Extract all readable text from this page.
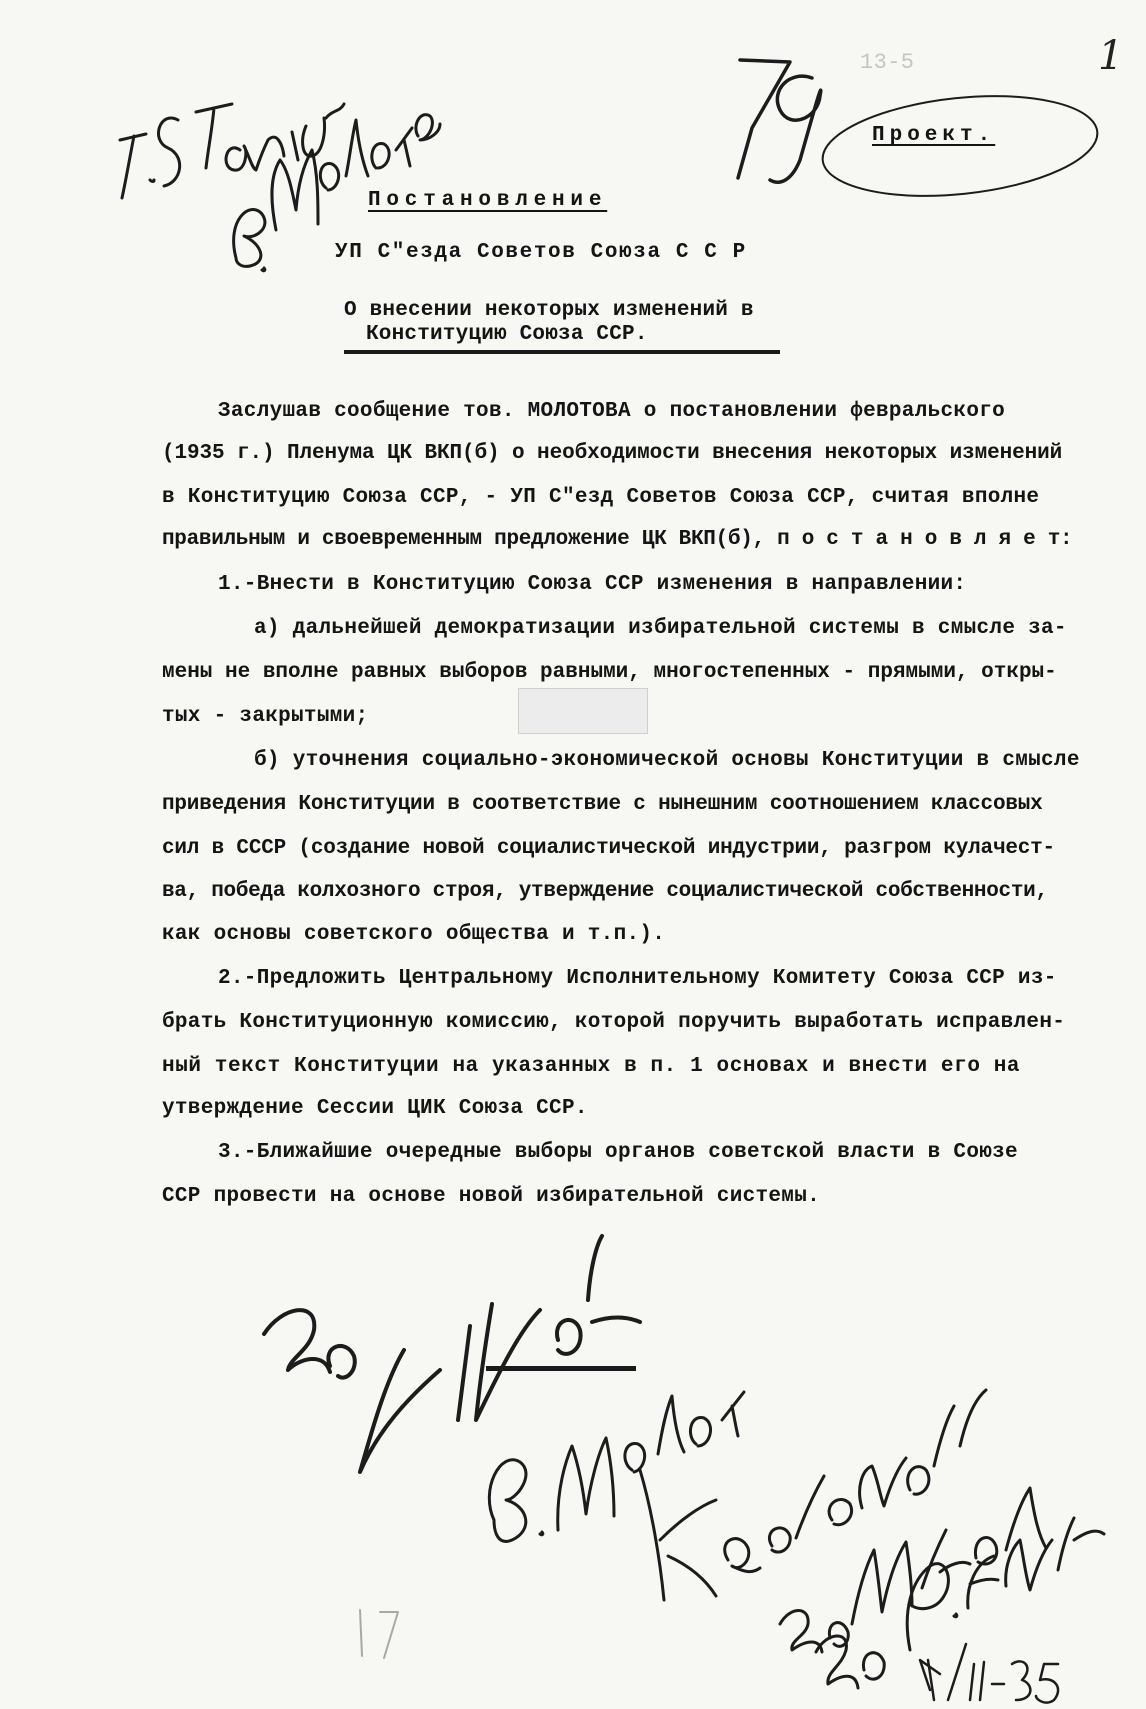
1
13-5
Проект.
Постановление
УП С"езда Советов Союза С С Р
О внесении некоторых изменений в
Конституцию Союза ССР.
Заслушав сообщение тов. МОЛОТОВА о постановлении февральского
(1935 г.) Пленума ЦК ВКП(б) о необходимости внесения некоторых изменений
в Конституцию Союза ССР, - УП С"езд Советов Союза ССР, считая вполне
правильным и своевременным предложение ЦК ВКП(б), п о с т а н о в л я е т:
1.-Внести в Конституцию Союза ССР изменения в направлении:
а) дальнейшей демократизации избирательной системы в смысле за-
мены не вполне равных выборов равными, многостепенных - прямыми, откры-
тых - закрытыми;
б) уточнения социально-экономической основы Конституции в смысле
приведения Конституции в соответствие с нынешним соотношением классовых
сил в СССР (создание новой социалистической индустрии, разгром кулачест-
ва, победа колхозного строя, утверждение социалистической собственности,
как основы советского общества и т.п.).
2.-Предложить Центральному Исполнительному Комитету Союза ССР из-
брать Конституционную комиссию, которой поручить выработать исправлен-
ный текст Конституции на указанных в п. 1 основах и внести его на
утверждение Сессии ЦИК Союза ССР.
3.-Ближайшие очередные выборы органов советской власти в Союзе
ССР провести на основе новой избирательной системы.
